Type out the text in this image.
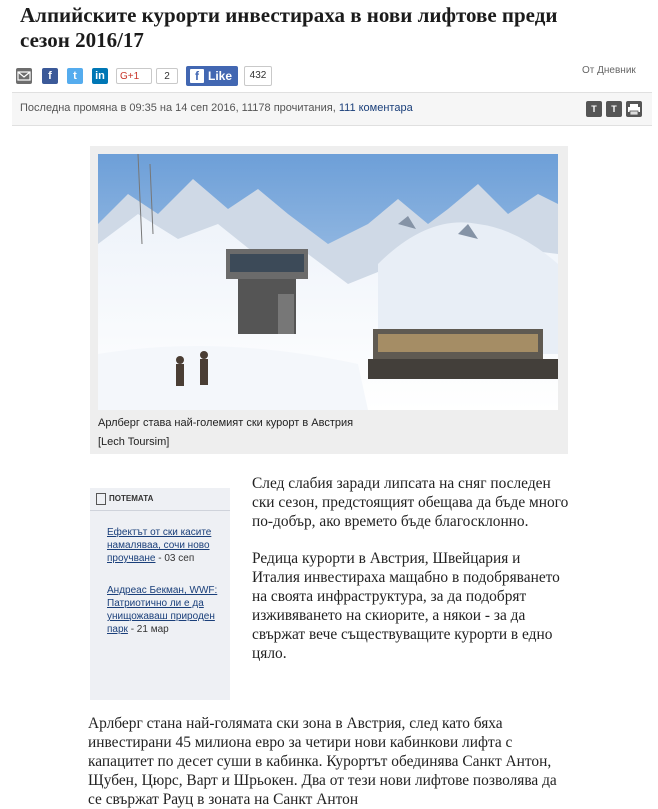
Алпийските курорти инвестираха в нови лифтове преди сезон 2016/17
f	t	in	G+1	2	f Like	432	От Дневник
Последна промяна в 09:35 на 14 сеп 2016, 11178 прочитания, 111 коментара	T	T
Арлберг става най-големият ски курорт в Австрия
[Lech Toursim]
ПОТЕМАТА
Ефектът от ски касите намаляваа, сочи ново проучване - 03 сеп
Андреас Бекман, WWF: Патриотично ли е да унищожаваш природен парк - 21 мар

След слабия заради липсата на сняг последен ски сезон, предстоящият обещава да бъде много по-добър, ако времето бъде благосклонно.

Редица курорти в Австрия, Швейцария и Италия инвестираха мащабно в подобряването на своята инфраструктура, за да подобрят изживяването на скиорите, а някои - за да свържат вече съществуващите курорти в едно цяло.

Арлберг стана най-голямата ски зона в Австрия, след като бяха инвестирани 45 милиона евро за четири нови кабинкови лифта с капацитет по десет суши в кабинка. Курортът обединява Санкт Антон, Щубен, Цюрс, Варт и Шрьокен. Два от тези нови лифтове позволява да се свържат Рауц в зоната на Санкт Антон
